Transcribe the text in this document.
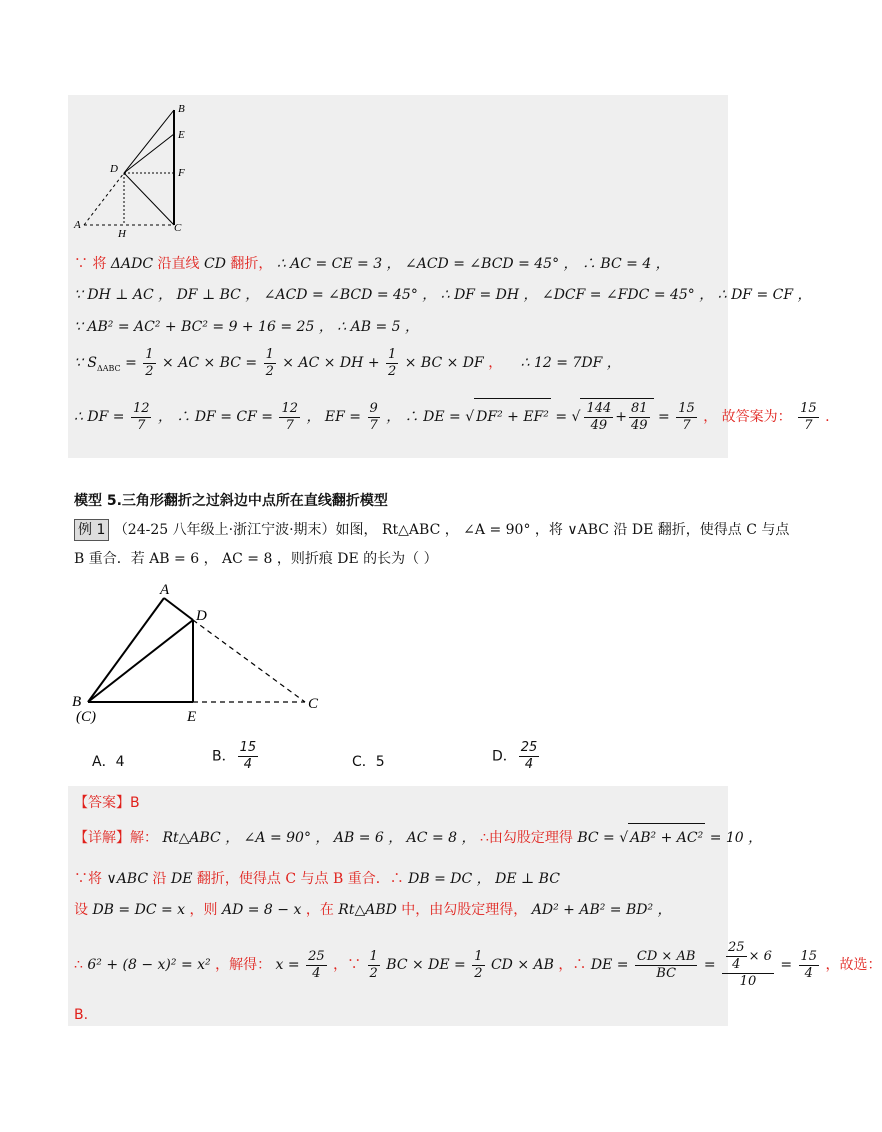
B
E
F
D
A
H	C
∵ 将 ΔADC 沿直线 CD 翻折， ∴ AC = CE = 3 ， ∠ACD = ∠BCD = 45° ， ∴ BC = 4 ，
∵ DH ⊥ AC ， DF ⊥ BC ， ∠ACD = ∠BCD = 45° ， ∴ DF = DH ， ∠DCF = ∠FDC = 45° ， ∴ DF = CF ，
∵ AB² = AC² + BC² = 9 + 16 = 25 ， ∴ AB = 5 ，
∵ $S_{\Delta ABC} = \frac{1}{2}$ × AC × BC = $\frac{1}{2}$ × AC × DH + $\frac{1}{2}$ × BC × DF ， ∴ 12 = 7DF ，
∴ DF = $\frac{12}{7}$ ， ∴ DF = CF = $\frac{12}{7}$ ， EF = $\frac{9}{7}$ ， ∴ DE = √ DF² + EF² = √ $\frac{144}{49} + \frac{81}{49} = \frac{15}{7}$ ， 故答案为： $\frac{15}{7}$ .
模型 5.三角形翻折之过斜边中点所在直线翻折模型
例 1 （24-25 八年级上·浙江宁波·期末）如图， Rt△ABC ， ∠A = 90° ，将 ∨ABC 沿 DE 翻折，使得点 C 与点
B 重合．若 AB = 6 ， AC = 8 ，则折痕 DE 的长为（ ）
A
D
B
(C)	E
C
A．4	B． $\frac{15}{4}$	C．5	D． $\frac{25}{4}$
【答案】B
【详解】解： Rt△ABC ， ∠A = 90° ， AB = 6 ， AC = 8 ， ∴由勾股定理得 BC = √ AB² + AC² = 10 ，
∵将 ∨ABC 沿 DE 翻折，使得点 C 与点 B 重合．∴ DB = DC ， DE ⊥ BC
设 DB = DC = x ，则 AD = 8 − x ，在 Rt△ABD 中，由勾股定理得， AD² + AB² = BD² ，
∴ 6² + (8 − x)² = x² ，解得： $x = \frac{25}{4}$ ，∵ $\frac{1}{2}$ BC × DE = $\frac{1}{2}$ CD × AB ，∴ DE = $\frac{CD \times AB}{BC} = \frac{\frac{25}{4} \times 6}{10} = \frac{15}{4}$ ，故选：
B.
